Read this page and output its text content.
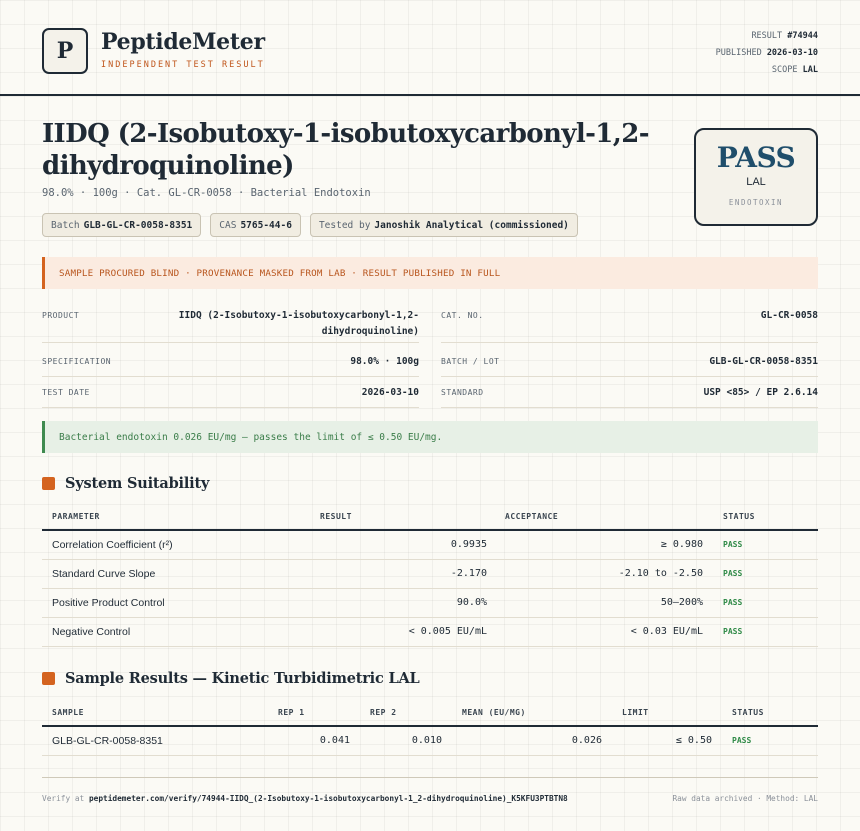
P PeptideMeter
INDEPENDENT TEST RESULT
RESULT #74944
PUBLISHED 2026-03-10
SCOPE LAL
IIDQ (2-Isobutoxy-1-isobutoxycarbonyl-1,2-dihydroquinoline)
98.0% · 100g · Cat. GL-CR-0058 · Bacterial Endotoxin
Batch GLB-GL-CR-0058-8351	CAS 5765-44-6	Tested by Janoshik Analytical (commissioned)
PASS
LAL
ENDOTOXIN
SAMPLE PROCURED BLIND · PROVENANCE MASKED FROM LAB · RESULT PUBLISHED IN FULL
PRODUCT	IIDQ (2-Isobutoxy-1-isobutoxycarbonyl-1,2-dihydroquinoline)
CAT. NO.	GL-CR-0058
SPECIFICATION	98.0% · 100g	BATCH / LOT	GLB-GL-CR-0058-8351
TEST DATE	2026-03-10	STANDARD	USP <85> / EP 2.6.14
Bacterial endotoxin 0.026 EU/mg — passes the limit of ≤ 0.50 EU/mg.
System Suitability
PARAMETER	RESULT	ACCEPTANCE	STATUS
Correlation Coefficient (r²)	0.9935	≥ 0.980	PASS
Standard Curve Slope	-2.170	-2.10 to -2.50	PASS
Positive Product Control	90.0%	50–200%	PASS
Negative Control	< 0.005 EU/mL	< 0.03 EU/mL	PASS
Sample Results — Kinetic Turbidimetric LAL
SAMPLE	REP 1	REP 2	MEAN (EU/MG)	LIMIT	STATUS
GLB-GL-CR-0058-8351	0.041	0.010	0.026	≤ 0.50	PASS
Verify at peptidemeter.com/verify/74944-IIDQ_(2-Isobutoxy-1-isobutoxycarbonyl-1_2-dihydroquinoline)_K5KFU3PTBTN8	Raw data archived · Method: LAL
